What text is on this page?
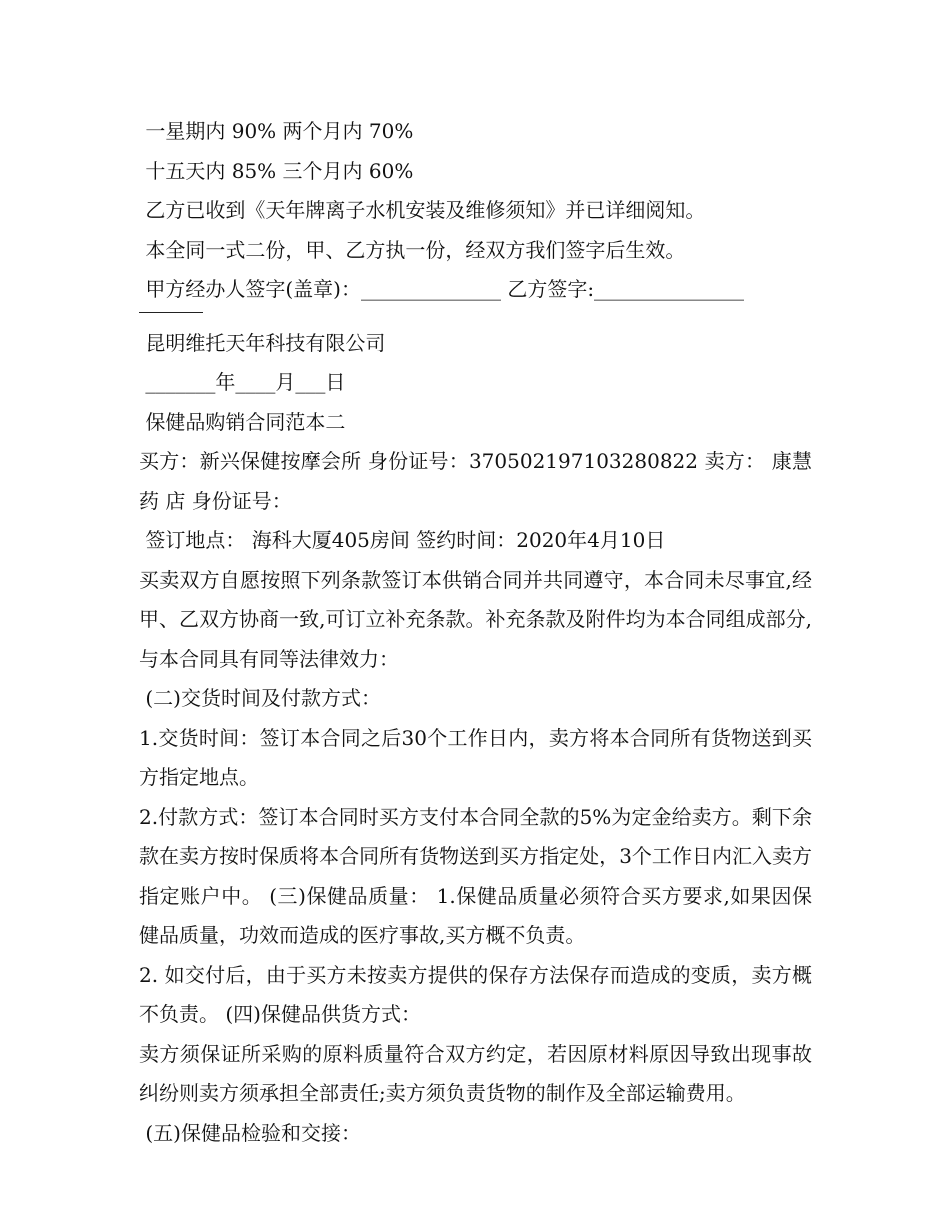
一星期内 90% 两个月内 70%
十五天内 85% 三个月内 60%
乙方已收到《天年牌离子水机安装及维修须知》并已详细阅知。
本全同一式二份，甲、乙方执一份，经双方我们签字后生效。
甲方经办人签字(盖章)：______________ 乙方签字:_______________
昆明维托天年科技有限公司
_______年____月___日
保健品购销合同范本二
买方：新兴保健按摩会所 身份证号：370502197103280822 卖方： 康慧 药 店 身份证号：
签订地点： 海科大厦405房间 签约时间：2020年4月10日
买卖双方自愿按照下列条款签订本供销合同并共同遵守，本合同未尽事宜,经甲、乙双方协商一致,可订立补充条款。补充条款及附件均为本合同组成部分,与本合同具有同等法律效力：
(二)交货时间及付款方式：
1.交货时间：签订本合同之后30个工作日内，卖方将本合同所有货物送到买方指定地点。
2.付款方式：签订本合同时买方支付本合同全款的5%为定金给卖方。剩下余款在卖方按时保质将本合同所有货物送到买方指定处，3个工作日内汇入卖方指定账户中。 (三)保健品质量： 1.保健品质量必须符合买方要求,如果因保健品质量，功效而造成的医疗事故,买方概不负责。
2. 如交付后，由于买方未按卖方提供的保存方法保存而造成的变质，卖方概不负责。 (四)保健品供货方式：
卖方须保证所采购的原料质量符合双方约定，若因原材料原因导致出现事故纠纷则卖方须承担全部责任;卖方须负责货物的制作及全部运输费用。
(五)保健品检验和交接：
